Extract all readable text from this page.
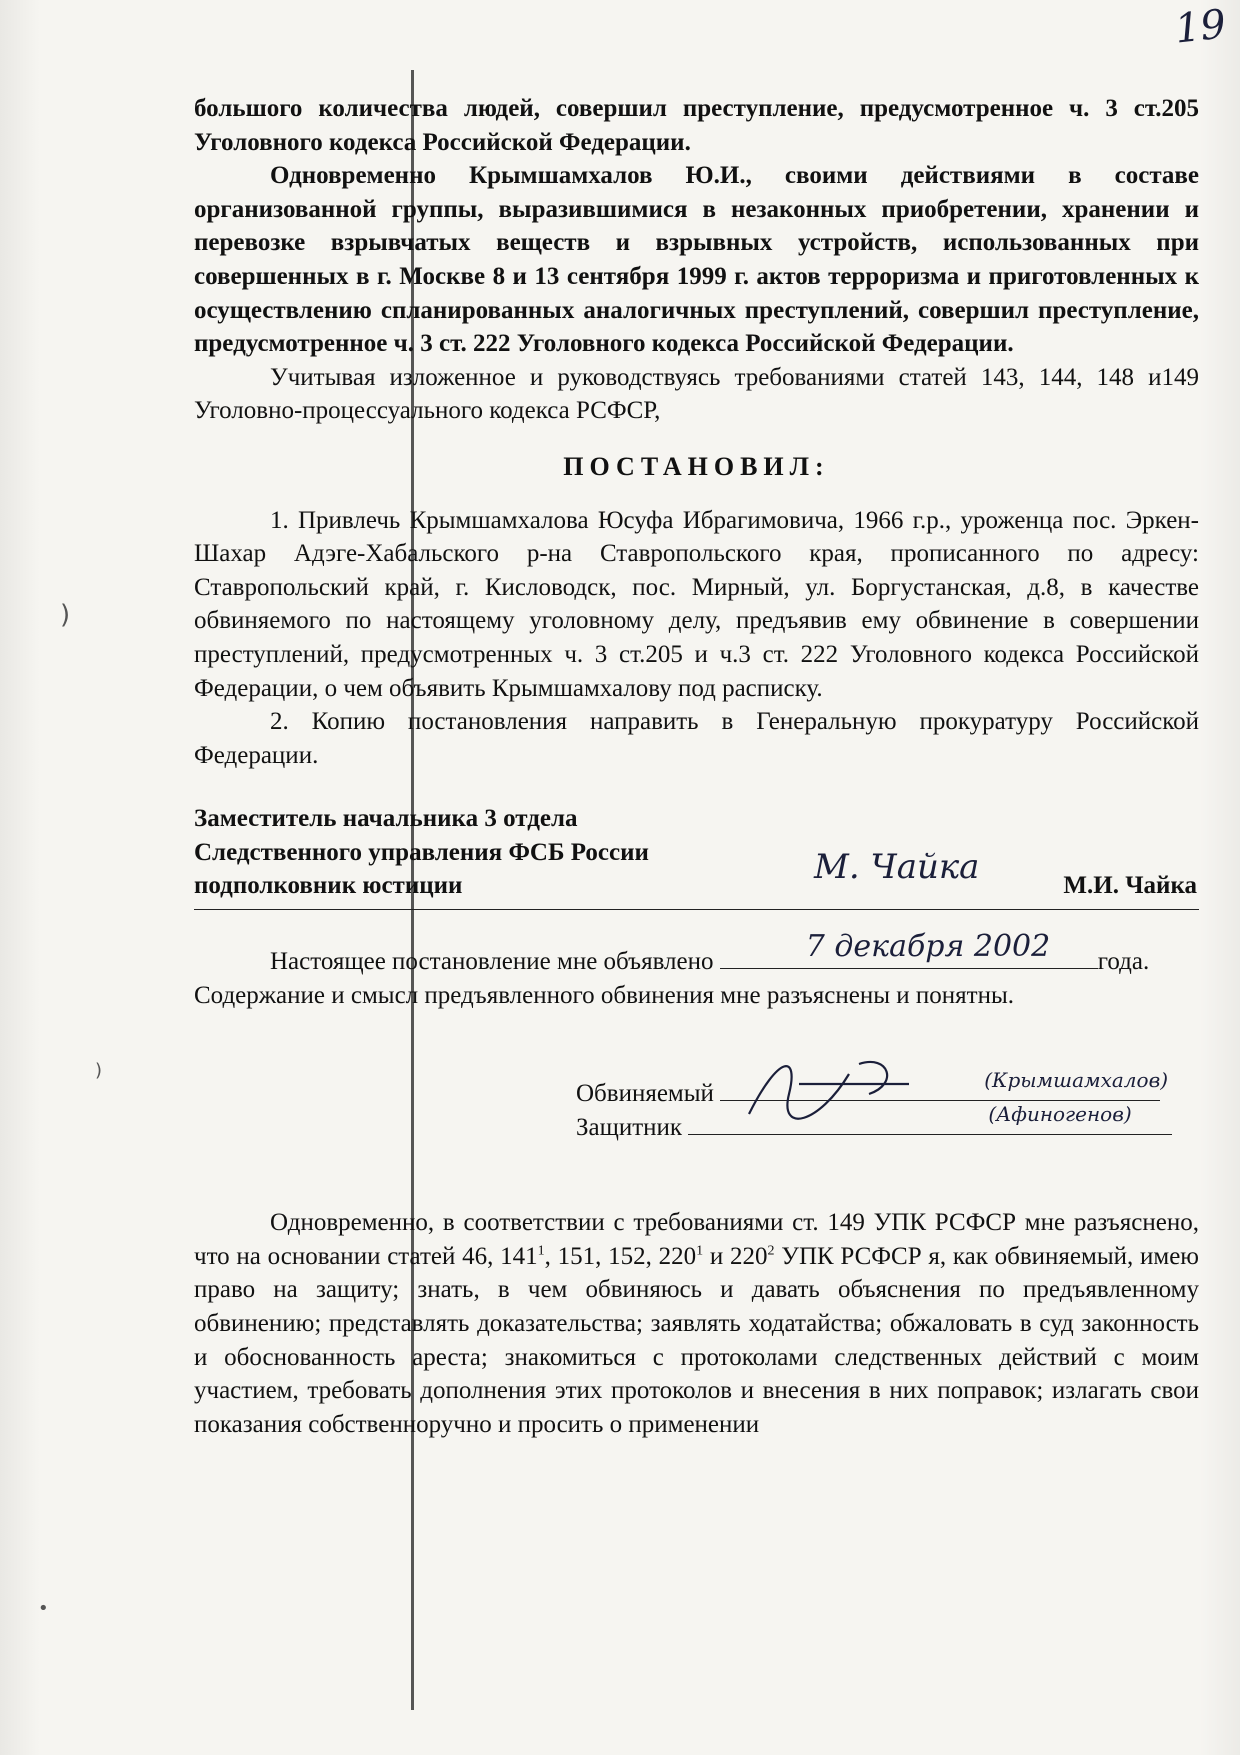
)
)
•
19

большого количества людей, совершил преступление, предусмотренное ч. 3 ст.205 Уголовного кодекса Российской Федерации.

Одновременно Крымшамхалов Ю.И., своими действиями в составе организованной группы, выразившимися в незаконных приобретении, хранении и перевозке взрывчатых веществ и взрывных устройств, использованных при совершенных в г. Москве 8 и 13 сентября 1999 г. актов терроризма и приготовленных к осуществлению спланированных аналогичных преступлений, совершил преступление, предусмотренное ч. 3 ст. 222 Уголовного кодекса Российской Федерации.

Учитывая изложенное и руководствуясь требованиями статей 143, 144, 148 и149 Уголовно-процессуального кодекса РСФСР,

ПОСТАНОВИЛ:

1. Привлечь Крымшамхалова Юсуфа Ибрагимовича, 1966 г.р., уроженца пос. Эркен-Шахар Адэге-Хабальского р-на Ставропольского края, прописанного по адресу: Ставропольский край, г. Кисловодск, пос. Мирный, ул. Боргустанская, д.8, в качестве обвиняемого по настоящему уголовному делу, предъявив ему обвинение в совершении преступлений, предусмотренных ч. 3 ст.205 и ч.3 ст. 222 Уголовного кодекса Российской Федерации, о чем объявить Крымшамхалову под расписку.

2. Копию постановления направить в Генеральную прокуратуру Российской Федерации.

Заместитель начальника 3 отдела
Следственного управления ФСБ России
подполковник юстиции	М. Чайка	М.И. Чайка

Настоящее постановление мне объявлено	7 декабря 2002 года.

Содержание и смысл предъявленного обвинения мне разъяснены и понятны.

Обвиняемый	(Крымшамхалов)
Защитник	(Афиногенов)

Одновременно, в соответствии с требованиями ст. 149 УПК РСФСР мне разъяснено, что на основании статей 46, $141^1$, 151, 152, $220^1$ и $220^2$ УПК РСФСР я, как обвиняемый, имею право на защиту; знать, в чем обвиняюсь и давать объяснения по предъявленному обвинению; представлять доказательства; заявлять ходатайства; обжаловать в суд законность и обоснованность ареста; знакомиться с протоколами следственных действий с моим участием, требовать дополнения этих протоколов и внесения в них поправок; излагать свои показания собственноручно и просить о применении
